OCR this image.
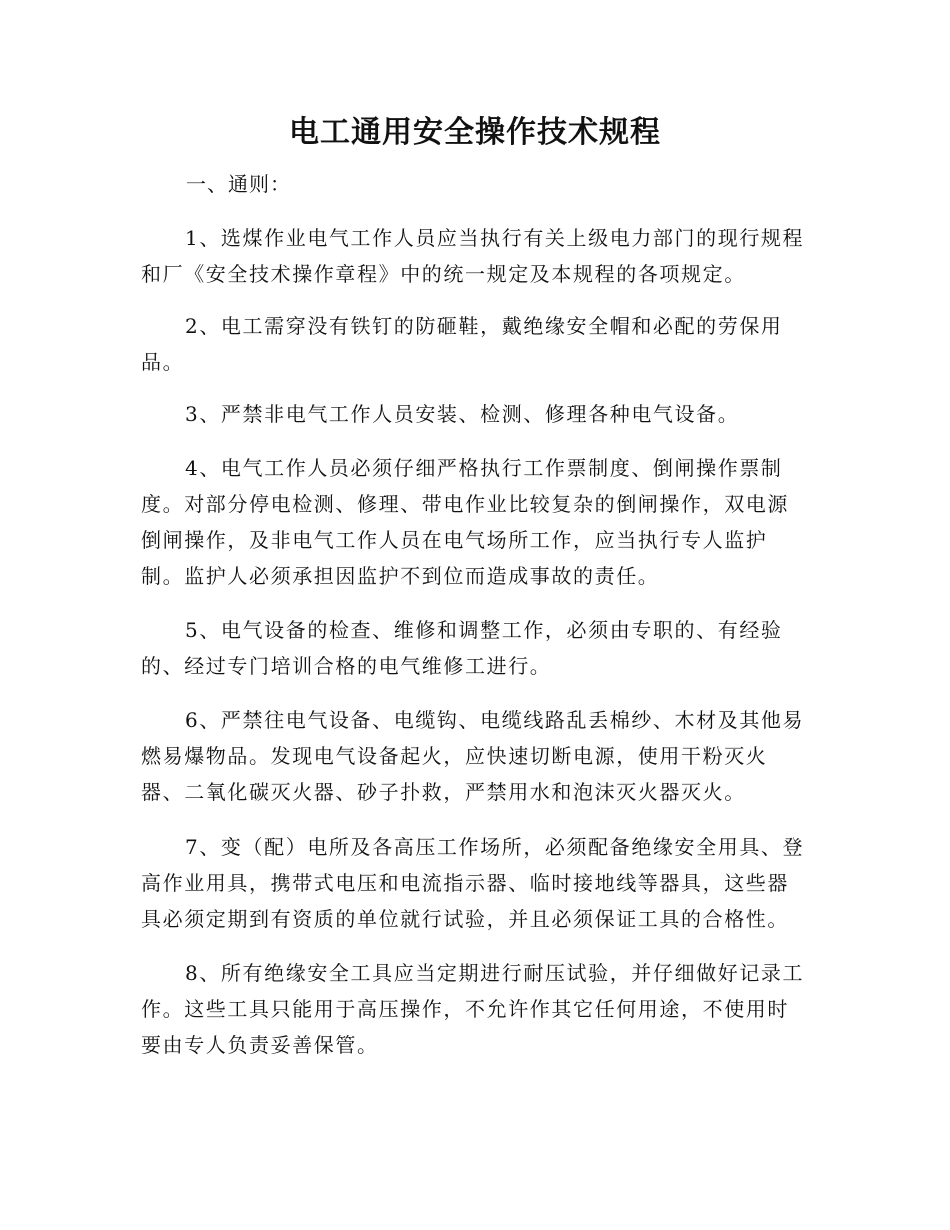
电工通用安全操作技术规程
一、通则：
1、选煤作业电气工作人员应当执行有关上级电力部门的现行规程和厂《安全技术操作章程》中的统一规定及本规程的各项规定。
2、电工需穿没有铁钉的防砸鞋，戴绝缘安全帽和必配的劳保用品。
3、严禁非电气工作人员安装、检测、修理各种电气设备。
4、电气工作人员必须仔细严格执行工作票制度、倒闸操作票制度。对部分停电检测、修理、带电作业比较复杂的倒闸操作，双电源倒闸操作，及非电气工作人员在电气场所工作，应当执行专人监护制。监护人必须承担因监护不到位而造成事故的责任。
5、电气设备的检查、维修和调整工作，必须由专职的、有经验的、经过专门培训合格的电气维修工进行。
6、严禁往电气设备、电缆钩、电缆线路乱丢棉纱、木材及其他易燃易爆物品。发现电气设备起火，应快速切断电源，使用干粉灭火器、二氧化碳灭火器、砂子扑救，严禁用水和泡沫灭火器灭火。
7、变（配）电所及各高压工作场所，必须配备绝缘安全用具、登高作业用具，携带式电压和电流指示器、临时接地线等器具，这些器具必须定期到有资质的单位就行试验，并且必须保证工具的合格性。
8、所有绝缘安全工具应当定期进行耐压试验，并仔细做好记录工作。这些工具只能用于高压操作，不允许作其它任何用途，不使用时要由专人负责妥善保管。
